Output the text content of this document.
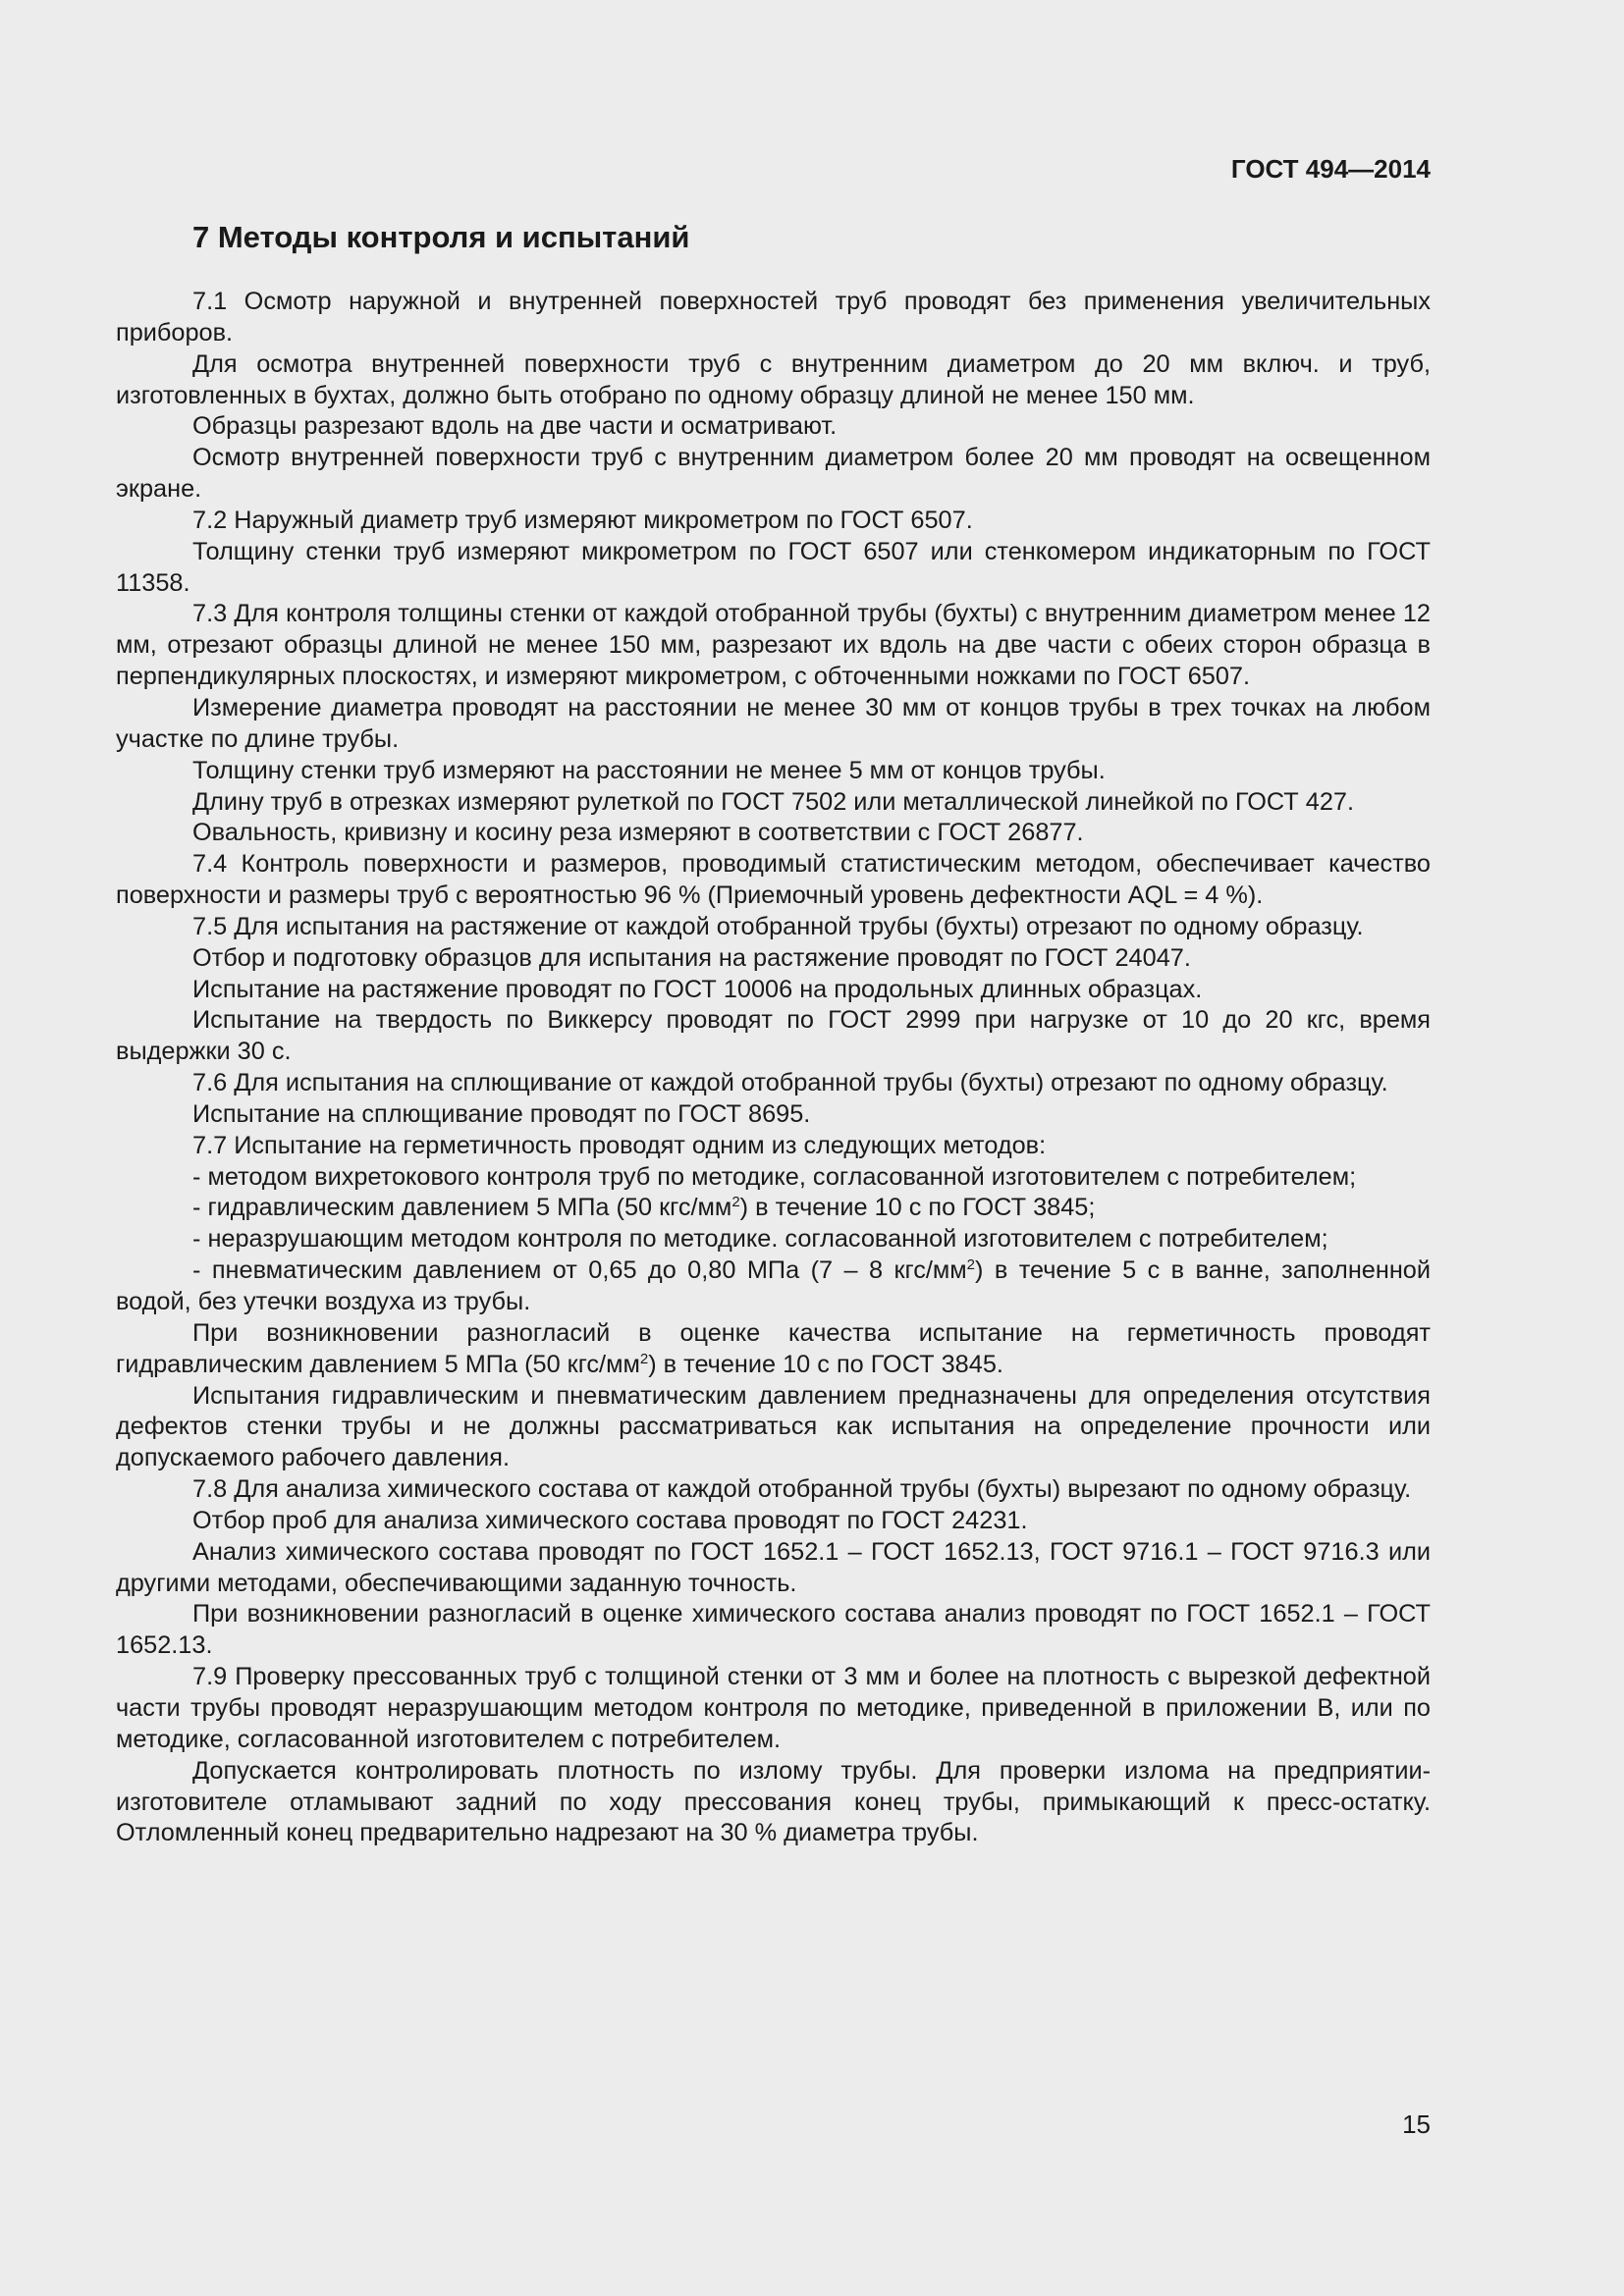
ГОСТ 494—2014
7 Методы контроля и испытаний

7.1 Осмотр наружной и внутренней поверхностей труб проводят без применения увеличительных приборов.

Для осмотра внутренней поверхности труб с внутренним диаметром до 20 мм включ. и труб, изготовленных в бухтах, должно быть отобрано по одному образцу длиной не менее 150 мм.

Образцы разрезают вдоль на две части и осматривают.

Осмотр внутренней поверхности труб с внутренним диаметром более 20 мм проводят на освещенном экране.

7.2 Наружный диаметр труб измеряют микрометром по ГОСТ 6507.

Толщину стенки труб измеряют микрометром по ГОСТ 6507 или стенкомером индикаторным по ГОСТ 11358.

7.3 Для контроля толщины стенки от каждой отобранной трубы (бухты) с внутренним диаметром менее 12 мм, отрезают образцы длиной не менее 150 мм, разрезают их вдоль на две части с обеих сторон образца в перпендикулярных плоскостях, и измеряют микрометром, с обточенными ножками по ГОСТ 6507.

Измерение диаметра проводят на расстоянии не менее 30 мм от концов трубы в трех точках на любом участке по длине трубы.

Толщину стенки труб измеряют на расстоянии не менее 5 мм от концов трубы.

Длину труб в отрезках измеряют рулеткой по ГОСТ 7502 или металлической линейкой по ГОСТ 427.

Овальность, кривизну и косину реза измеряют в соответствии с ГОСТ 26877.

7.4 Контроль поверхности и размеров, проводимый статистическим методом, обеспечивает качество поверхности и размеры труб с вероятностью 96 % (Приемочный уровень дефектности AQL = 4 %).

7.5 Для испытания на растяжение от каждой отобранной трубы (бухты) отрезают по одному образцу.

Отбор и подготовку образцов для испытания на растяжение проводят по ГОСТ 24047.

Испытание на растяжение проводят по ГОСТ 10006 на продольных длинных образцах.

Испытание на твердость по Виккерсу проводят по ГОСТ 2999 при нагрузке от 10 до 20 кгс, время выдержки 30 с.

7.6 Для испытания на сплющивание от каждой отобранной трубы (бухты) отрезают по одному образцу.

Испытание на сплющивание проводят по ГОСТ 8695.

7.7 Испытание на герметичность проводят одним из следующих методов:

- методом вихретокового контроля труб по методике, согласованной изготовителем с потребителем;

- гидравлическим давлением 5 МПа (50 кгс/$мм^2$) в течение 10 с по ГОСТ 3845;

- неразрушающим методом контроля по методике. согласованной изготовителем с потребителем;

- пневматическим давлением от 0,65 до 0,80 МПа (7 – 8 кгс/$мм^2$) в течение 5 с в ванне, заполненной водой, без утечки воздуха из трубы.

При возникновении разногласий в оценке качества испытание на герметичность проводят гидравлическим давлением 5 МПа (50 кгс/$мм^2$) в течение 10 с по ГОСТ 3845.

Испытания гидравлическим и пневматическим давлением предназначены для определения отсутствия дефектов стенки трубы и не должны рассматриваться как испытания на определение прочности или допускаемого рабочего давления.

7.8 Для анализа химического состава от каждой отобранной трубы (бухты) вырезают по одному образцу.

Отбор проб для анализа химического состава проводят по ГОСТ 24231.

Анализ химического состава проводят по ГОСТ 1652.1 – ГОСТ 1652.13, ГОСТ 9716.1 – ГОСТ 9716.3 или другими методами, обеспечивающими заданную точность.

При возникновении разногласий в оценке химического состава анализ проводят по ГОСТ 1652.1 – ГОСТ 1652.13.

7.9 Проверку прессованных труб с толщиной стенки от 3 мм и более на плотность с вырезкой дефектной части трубы проводят неразрушающим методом контроля по методике, приведенной в приложении В, или по методике, согласованной изготовителем с потребителем.

Допускается контролировать плотность по излому трубы. Для проверки излома на предприятии-изготовителе отламывают задний по ходу прессования конец трубы, примыкающий к пресс-остатку. Отломленный конец предварительно надрезают на 30 % диаметра трубы.

15
